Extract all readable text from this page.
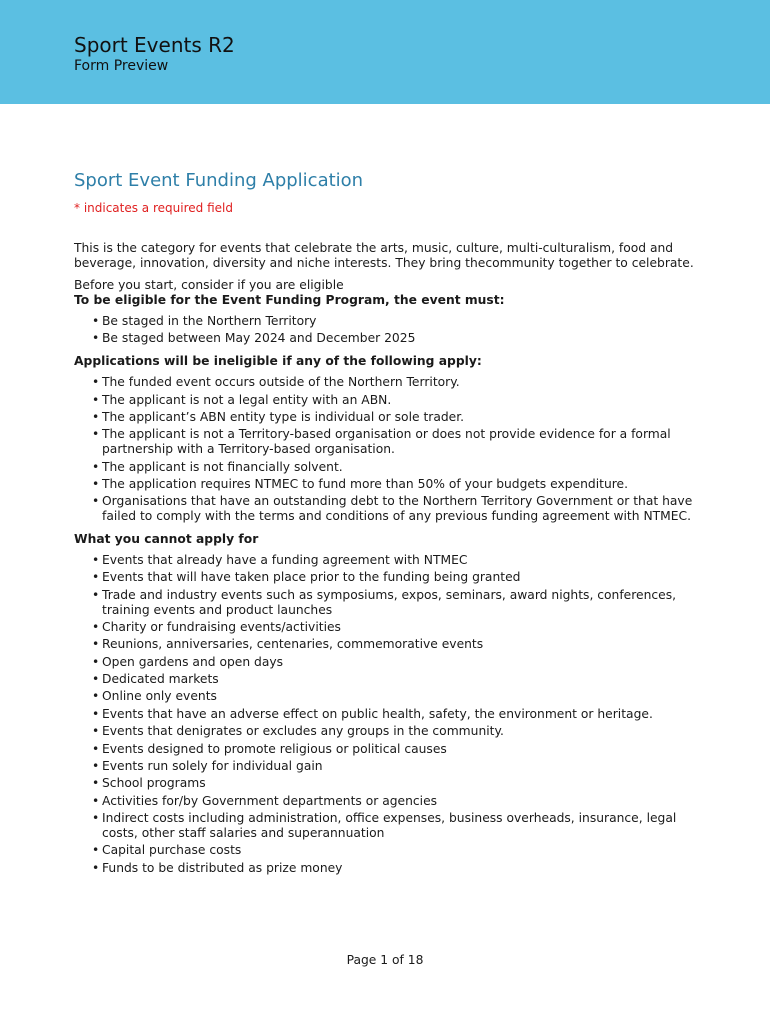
Sport Events R2
Form Preview
Sport Event Funding Application
* indicates a required field

This is the category for events that celebrate the arts, music, culture, multi-culturalism, food and beverage, innovation, diversity and niche interests. They bring thecommunity together to celebrate.

Before you start, consider if you are eligible

To be eligible for the Event Funding Program, the event must:

• Be staged in the Northern Territory
• Be staged between May 2024 and December 2025

Applications will be ineligible if any of the following apply:

• The funded event occurs outside of the Northern Territory.
• The applicant is not a legal entity with an ABN.
• The applicant’s ABN entity type is individual or sole trader.
• The applicant is not a Territory-based organisation or does not provide evidence for a formal partnership with a Territory-based organisation.
• The applicant is not financially solvent.
• The application requires NTMEC to fund more than 50% of your budgets expenditure.
• Organisations that have an outstanding debt to the Northern Territory Government or that have failed to comply with the terms and conditions of any previous funding agreement with NTMEC.

What you cannot apply for

• Events that already have a funding agreement with NTMEC
• Events that will have taken place prior to the funding being granted
• Trade and industry events such as symposiums, expos, seminars, award nights, conferences, training events and product launches
• Charity or fundraising events/activities
• Reunions, anniversaries, centenaries, commemorative events
• Open gardens and open days
• Dedicated markets
• Online only events
• Events that have an adverse effect on public health, safety, the environment or heritage.
• Events that denigrates or excludes any groups in the community.
• Events designed to promote religious or political causes
• Events run solely for individual gain
• School programs
• Activities for/by Government departments or agencies
• Indirect costs including administration, office expenses, business overheads, insurance, legal costs, other staff salaries and superannuation
• Capital purchase costs
• Funds to be distributed as prize money
Page 1 of 18
